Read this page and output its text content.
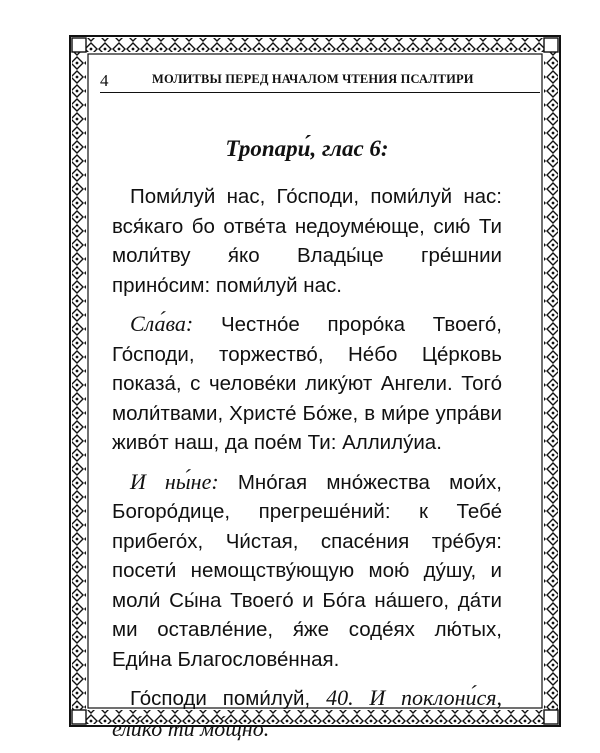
4	МОЛИТВЫ ПЕРЕД НАЧАЛОМ ЧТЕНИЯ ПСАЛТИРИ
Тропари́, глас 6:

Поми́луй нас, Го́споди, поми́луй нас: вся́каго бо отве́та недоуме́юще, сию́ Ти моли́тву я́ко Влады́це гре́шнии прино́сим: поми́луй нас.

Сла́ва: Честно́е проро́ка Твоего́, Го́споди, торжество́, Не́бо Це́рковь показа́, с челове́ки лику́ют Ангели. Того́ моли́твами, Христе́ Бо́же, в ми́ре упра́ви живо́т наш, да пое́м Ти: Аллилу́иа.

И ны́не: Мно́гая мно́жества мои́х, Богоро́дице, прегреше́ний: к Тебе́ прибего́х, Чи́стая, спасе́ния тре́буя: посети́ немощству́ющую мою́ ду́шу, и моли́ Сы́на Твоего́ и Бо́га на́шего, да́ти ми оставле́ние, я́же соде́ях лю́тых, Еди́на Благослове́нная.

Го́споди поми́луй, 40. И поклони́ся, ели́ко ти мо́щно.
